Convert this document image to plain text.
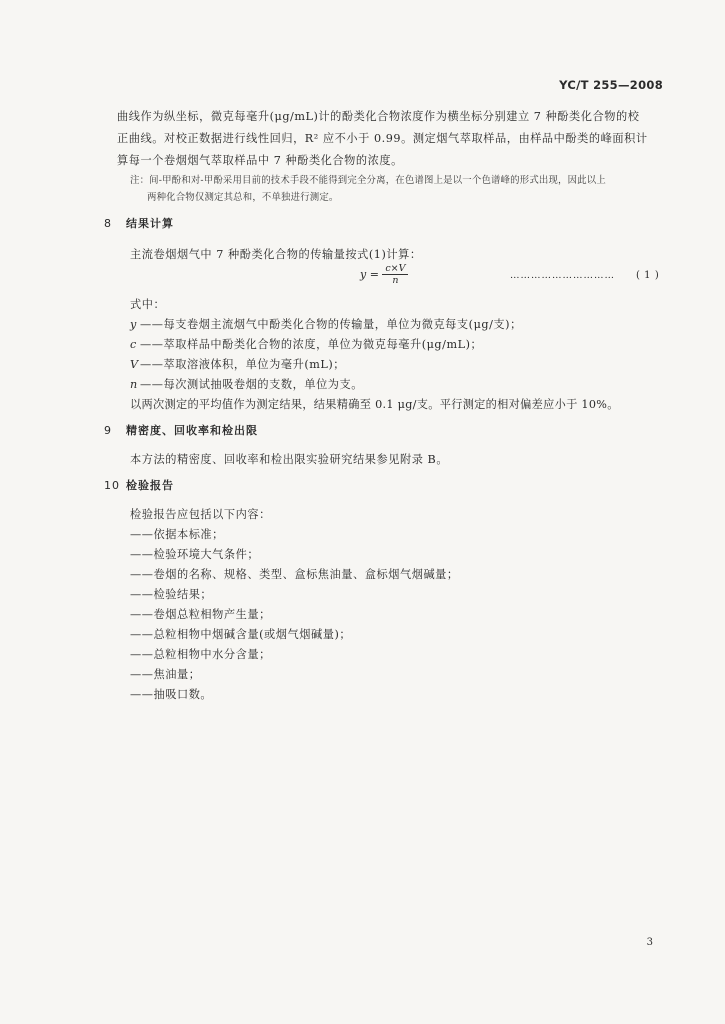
YC/T 255—2008
曲线作为纵坐标，微克每毫升(μg/mL)计的酚类化合物浓度作为横坐标分别建立 7 种酚类化合物的校
正曲线。对校正数据进行线性回归，R² 应不小于 0.99。测定烟气萃取样品，由样品中酚类的峰面积计
算每一个卷烟烟气萃取样品中 7 种酚类化合物的浓度。
注：间-甲酚和对-甲酚采用目前的技术手段不能得到完全分离，在色谱图上是以一个色谱峰的形式出现，因此以上
两种化合物仅测定其总和，不单独进行测定。
8 结果计算
主流卷烟烟气中 7 种酚类化合物的传输量按式(1)计算：
$y = \frac{c\times V}{n}$	………………………… ( 1 )
式中：
y ——每支卷烟主流烟气中酚类化合物的传输量，单位为微克每支(μg/支)；
c ——萃取样品中酚类化合物的浓度，单位为微克每毫升(μg/mL)；
V——萃取溶液体积，单位为毫升(mL)；
n ——每次测试抽吸卷烟的支数，单位为支。
以两次测定的平均值作为测定结果，结果精确至 0.1 μg/支。平行测定的相对偏差应小于 10%。
9 精密度、回收率和检出限
本方法的精密度、回收率和检出限实验研究结果参见附录 B。
10 检验报告
检验报告应包括以下内容：
——依据本标准；
——检验环境大气条件；
——卷烟的名称、规格、类型、盒标焦油量、盒标烟气烟碱量；
——检验结果；
——卷烟总粒相物产生量；
——总粒相物中烟碱含量(或烟气烟碱量)；
——总粒相物中水分含量；
——焦油量；
——抽吸口数。
3
